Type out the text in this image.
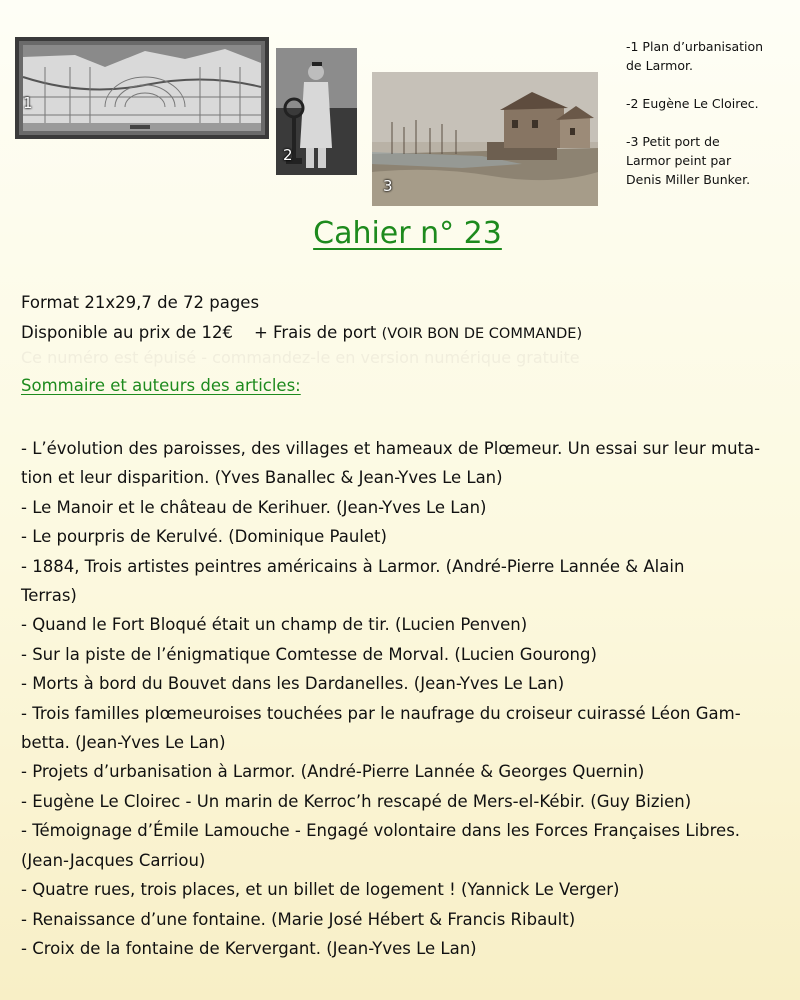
1
2
3

-1 Plan d’urbanisation
de Larmor.

-2 Eugène Le Cloirec.

-3 Petit port de
Larmor peint par
Denis Miller Bunker.

Cahier n° 23
Format 21x29,7 de 72 pages
Disponible au prix de 12€ + Frais de port (VOIR BON DE COMMANDE)
Ce numéro est épuisé - commandez-le en version numérique gratuite
Sommaire et auteurs des articles:
- L’évolution des paroisses, des villages et hameaux de Plœmeur. Un essai sur leur muta-
tion et leur disparition. (Yves Banallec & Jean-Yves Le Lan)
- Le Manoir et le château de Kerihuer. (Jean-Yves Le Lan)
- Le pourpris de Kerulvé. (Dominique Paulet)
- 1884, Trois artistes peintres américains à Larmor. (André-Pierre Lannée & Alain
Terras)
- Quand le Fort Bloqué était un champ de tir. (Lucien Penven)
- Sur la piste de l’énigmatique Comtesse de Morval. (Lucien Gourong)
- Morts à bord du Bouvet dans les Dardanelles. (Jean-Yves Le Lan)
- Trois familles plœmeuroises touchées par le naufrage du croiseur cuirassé Léon Gam-
betta. (Jean-Yves Le Lan)
- Projets d’urbanisation à Larmor. (André-Pierre Lannée & Georges Quernin)
- Eugène Le Cloirec - Un marin de Kerroc’h rescapé de Mers-el-Kébir. (Guy Bizien)
- Témoignage d’Émile Lamouche - Engagé volontaire dans les Forces Françaises Libres.
(Jean-Jacques Carriou)
- Quatre rues, trois places, et un billet de logement ! (Yannick Le Verger)
- Renaissance d’une fontaine. (Marie José Hébert & Francis Ribault)
- Croix de la fontaine de Kervergant. (Jean-Yves Le Lan)
